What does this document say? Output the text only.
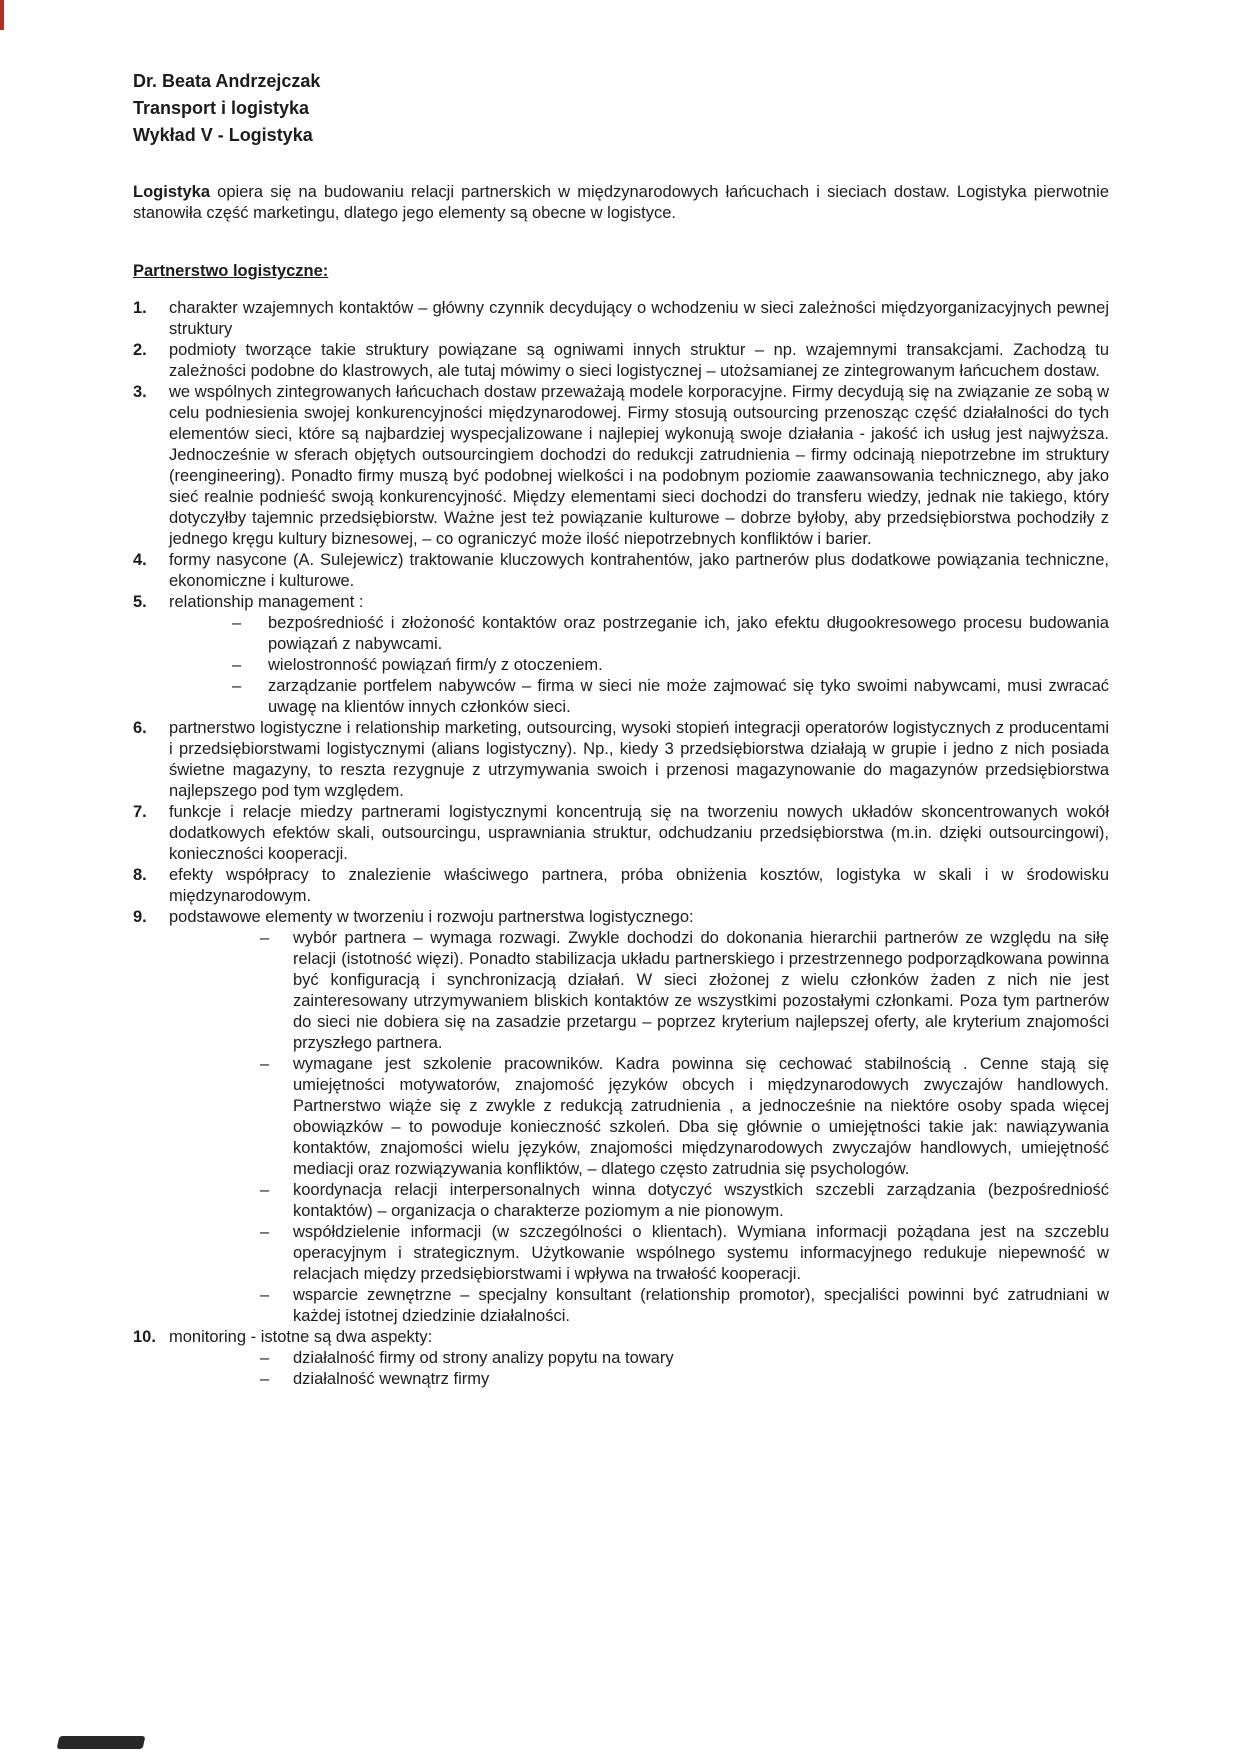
Dr. Beata Andrzejczak
Transport i logistyka
Wykład V - Logistyka
Logistyka opiera się na budowaniu relacji partnerskich w międzynarodowych łańcuchach i sieciach dostaw. Logistyka pierwotnie stanowiła część marketingu, dlatego jego elementy są obecne w logistyce.
Partnerstwo logistyczne:
1.	charakter wzajemnych kontaktów – główny czynnik decydujący o wchodzeniu w sieci zależności międzyorganizacyjnych pewnej struktury
2.	podmioty tworzące takie struktury powiązane są ogniwami innych struktur – np. wzajemnymi transakcjami. Zachodzą tu zależności podobne do klastrowych, ale tutaj mówimy o sieci logistycznej – utożsamianej ze zintegrowanym łańcuchem dostaw.
3.	we wspólnych zintegrowanych łańcuchach dostaw przeważają modele korporacyjne. Firmy decydują się na związanie ze sobą w celu podniesienia swojej konkurencyjności międzynarodowej. Firmy stosują outsourcing przenosząc część działalności do tych elementów sieci, które są najbardziej wyspecjalizowane i najlepiej wykonują swoje działania - jakość ich usług jest najwyższa. Jednocześnie w sferach objętych outsourcingiem dochodzi do redukcji zatrudnienia – firmy odcinają niepotrzebne im struktury (reengineering). Ponadto firmy muszą być podobnej wielkości i na podobnym poziomie zaawansowania technicznego, aby jako sieć realnie podnieść swoją konkurencyjność. Między elementami sieci dochodzi do transferu wiedzy, jednak nie takiego, który dotyczyłby tajemnic przedsiębiorstw. Ważne jest też powiązanie kulturowe – dobrze byłoby, aby przedsiębiorstwa pochodziły z jednego kręgu kultury biznesowej, – co ograniczyć może ilość niepotrzebnych konfliktów i barier.
4.	formy nasycone (A. Sulejewicz) traktowanie kluczowych kontrahentów, jako partnerów plus dodatkowe powiązania techniczne, ekonomiczne i kulturowe.
5.	relationship management :
– bezpośredniość i złożoność kontaktów oraz postrzeganie ich, jako efektu długookresowego procesu budowania powiązań z nabywcami.
– wielostronność powiązań firm/y z otoczeniem.
– zarządzanie portfelem nabywców – firma w sieci nie może zajmować się tyko swoimi nabywcami, musi zwracać uwagę na klientów innych członków sieci.
6.	partnerstwo logistyczne i relationship marketing, outsourcing, wysoki stopień integracji operatorów logistycznych z producentami i przedsiębiorstwami logistycznymi (alians logistyczny). Np., kiedy 3 przedsiębiorstwa działają w grupie i jedno z nich posiada świetne magazyny, to reszta rezygnuje z utrzymywania swoich i przenosi magazynowanie do magazynów przedsiębiorstwa najlepszego pod tym względem.
7.	funkcje i relacje miedzy partnerami logistycznymi koncentrują się na tworzeniu nowych układów skoncentrowanych wokół dodatkowych efektów skali, outsourcingu, usprawniania struktur, odchudzaniu przedsiębiorstwa (m.in. dzięki outsourcingowi), konieczności kooperacji.
8.	efekty współpracy to znalezienie właściwego partnera, próba obniżenia kosztów, logistyka w skali i w środowisku międzynarodowym.
9.	podstawowe elementy w tworzeniu i rozwoju partnerstwa logistycznego:
– wybór partnera – wymaga rozwagi. Zwykle dochodzi do dokonania hierarchii partnerów ze względu na siłę relacji (istotność więzi). Ponadto stabilizacja układu partnerskiego i przestrzennego podporządkowana powinna być konfiguracją i synchronizacją działań. W sieci złożonej z wielu członków żaden z nich nie jest zainteresowany utrzymywaniem bliskich kontaktów ze wszystkimi pozostałymi członkami. Poza tym partnerów do sieci nie dobiera się na zasadzie przetargu – poprzez kryterium najlepszej oferty, ale kryterium znajomości przyszłego partnera.
– wymagane jest szkolenie pracowników. Kadra powinna się cechować stabilnością . Cenne stają się umiejętności motywatorów, znajomość języków obcych i międzynarodowych zwyczajów handlowych. Partnerstwo wiąże się z zwykle z redukcją zatrudnienia , a jednocześnie na niektóre osoby spada więcej obowiązków – to powoduje konieczność szkoleń. Dba się głównie o umiejętności takie jak: nawiązywania kontaktów, znajomości wielu języków, znajomości międzynarodowych zwyczajów handlowych, umiejętność mediacji oraz rozwiązywania konfliktów, – dlatego często zatrudnia się psychologów.
– koordynacja relacji interpersonalnych winna dotyczyć wszystkich szczebli zarządzania (bezpośredniość kontaktów) – organizacja o charakterze poziomym a nie pionowym.
– współdzielenie informacji (w szczególności o klientach). Wymiana informacji pożądana jest na szczeblu operacyjnym i strategicznym. Użytkowanie wspólnego systemu informacyjnego redukuje niepewność w relacjach między przedsiębiorstwami i wpływa na trwałość kooperacji.
– wsparcie zewnętrzne – specjalny konsultant (relationship promotor), specjaliści powinni być zatrudniani w każdej istotnej dziedzinie działalności.
10. monitoring - istotne są dwa aspekty:
– działalność firmy od strony analizy popytu na towary
– działalność wewnątrz firmy
